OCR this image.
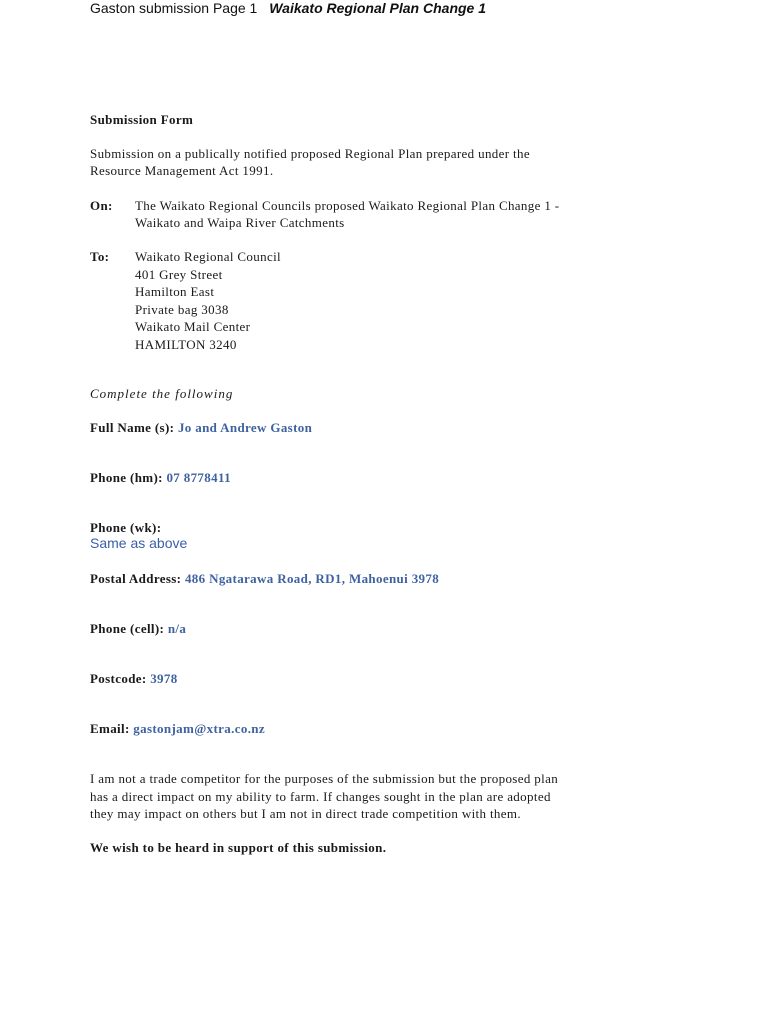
Gaston submission Page 1 Waikato Regional Plan Change 1
Submission Form
Submission on a publically notified proposed Regional Plan prepared under the
Resource Management Act 1991.
On: The Waikato Regional Councils proposed Waikato Regional Plan Change 1 -
Waikato and Waipa River Catchments
To: Waikato Regional Council
401 Grey Street
Hamilton East
Private bag 3038
Waikato Mail Center
HAMILTON 3240
Complete the following
Full Name (s): Jo and Andrew Gaston
Phone (hm): 07 8778411
Phone (wk):
Same as above
Postal Address: 486 Ngatarawa Road, RD1, Mahoenui 3978
Phone (cell): n/a
Postcode: 3978
Email: gastonjam@xtra.co.nz
I am not a trade competitor for the purposes of the submission but the proposed plan
has a direct impact on my ability to farm. If changes sought in the plan are adopted
they may impact on others but I am not in direct trade competition with them.
We wish to be heard in support of this submission.
